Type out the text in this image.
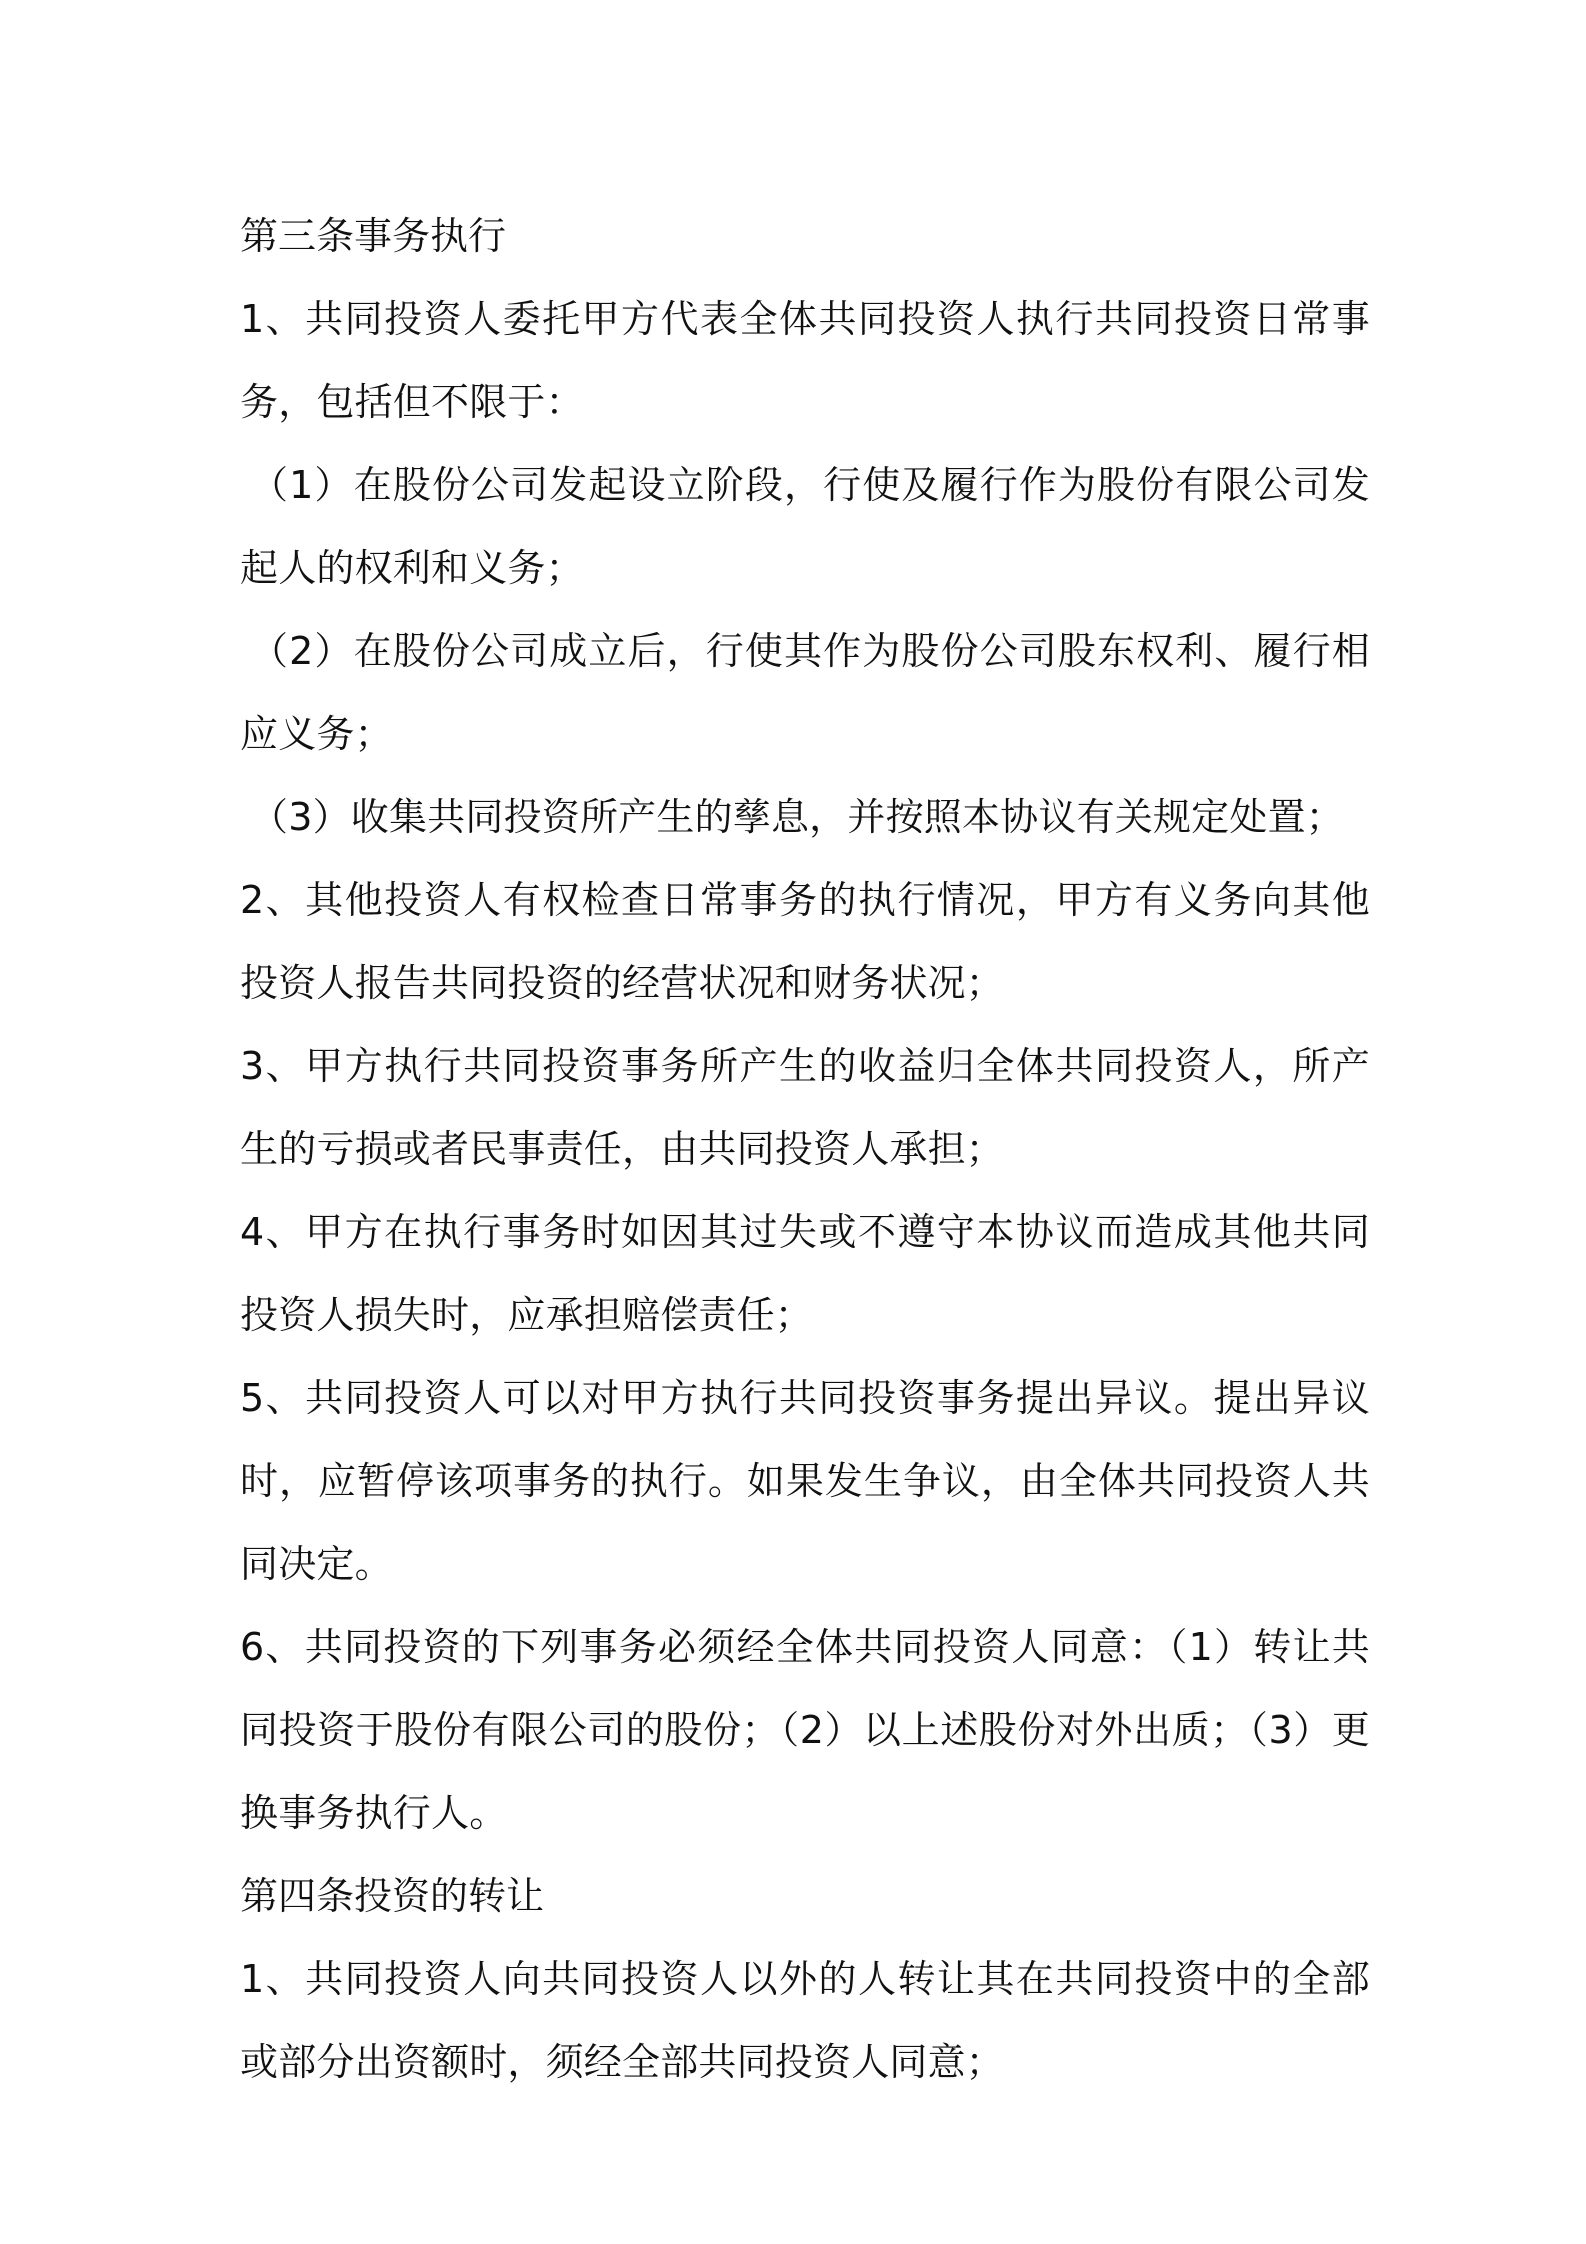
第三条事务执行

1、共同投资人委托甲方代表全体共同投资人执行共同投资日常事务，包括但不限于：

（1）在股份公司发起设立阶段，行使及履行作为股份有限公司发起人的权利和义务；

（2）在股份公司成立后，行使其作为股份公司股东权利、履行相应义务；

（3）收集共同投资所产生的孳息，并按照本协议有关规定处置；

2、其他投资人有权检查日常事务的执行情况，甲方有义务向其他投资人报告共同投资的经营状况和财务状况；

3、甲方执行共同投资事务所产生的收益归全体共同投资人，所产生的亏损或者民事责任，由共同投资人承担；

4、甲方在执行事务时如因其过失或不遵守本协议而造成其他共同投资人损失时，应承担赔偿责任；

5、共同投资人可以对甲方执行共同投资事务提出异议。提出异议时，应暂停该项事务的执行。如果发生争议，由全体共同投资人共同决定。

6、共同投资的下列事务必须经全体共同投资人同意：（1）转让共同投资于股份有限公司的股份；（2）以上述股份对外出质；（3）更换事务执行人。

第四条投资的转让

1、共同投资人向共同投资人以外的人转让其在共同投资中的全部或部分出资额时，须经全部共同投资人同意；
